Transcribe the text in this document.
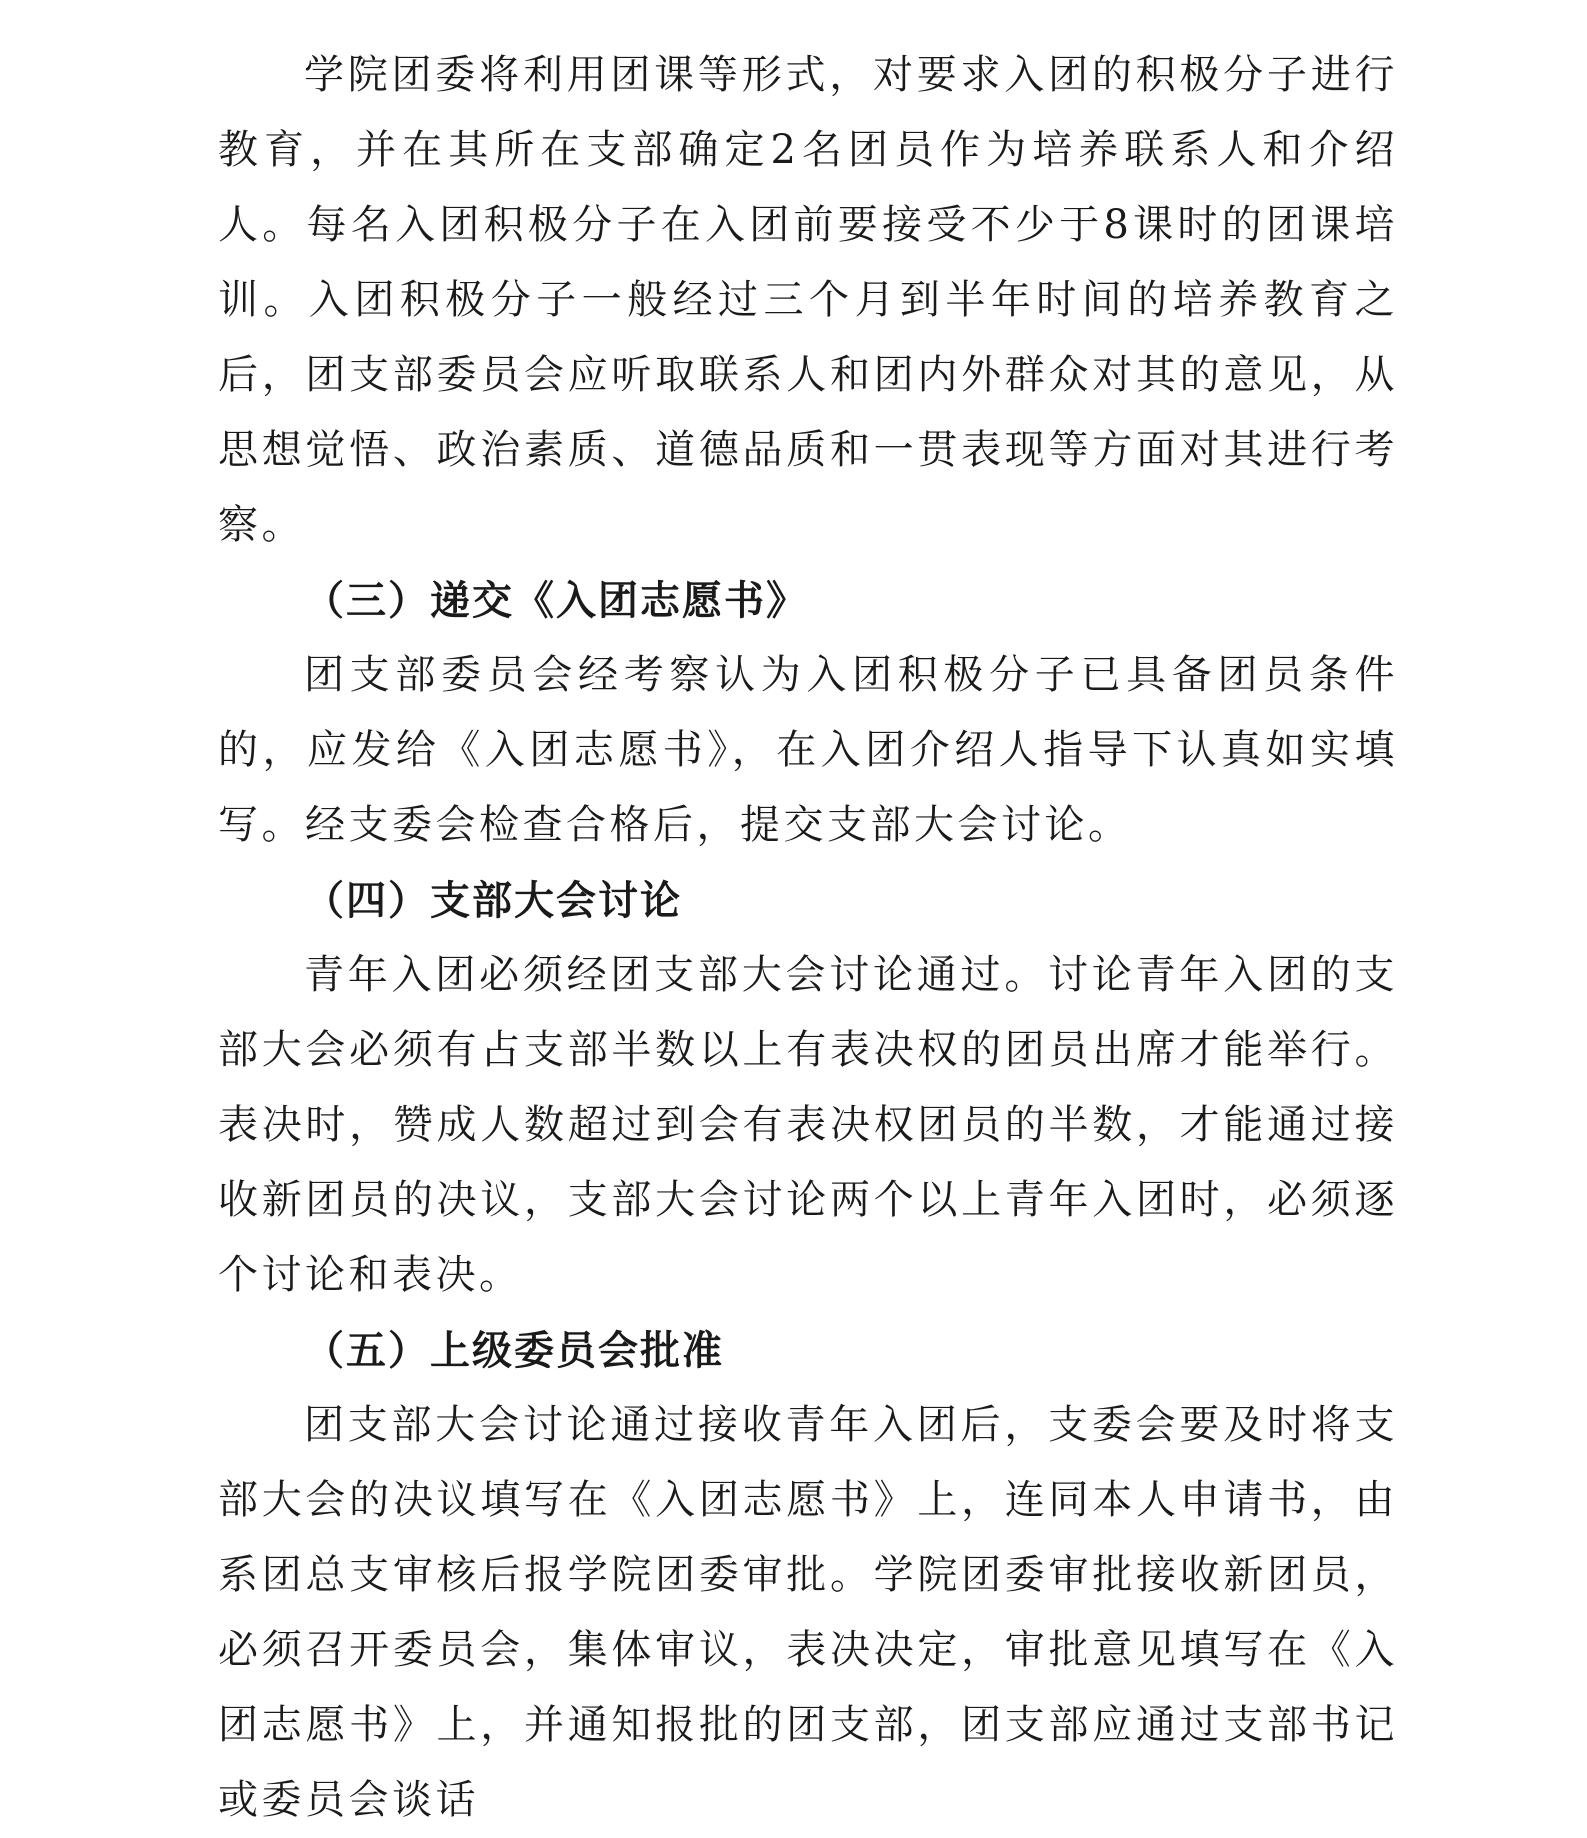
学院团委将利用团课等形式，对要求入团的积极分子进行教育，并在其所在支部确定2名团员作为培养联系人和介绍人。每名入团积极分子在入团前要接受不少于8课时的团课培训。入团积极分子一般经过三个月到半年时间的培养教育之后，团支部委员会应听取联系人和团内外群众对其的意见，从思想觉悟、政治素质、道德品质和一贯表现等方面对其进行考察。

（三）递交《入团志愿书》

团支部委员会经考察认为入团积极分子已具备团员条件的，应发给《入团志愿书》，在入团介绍人指导下认真如实填写。经支委会检查合格后，提交支部大会讨论。

（四）支部大会讨论

青年入团必须经团支部大会讨论通过。讨论青年入团的支部大会必须有占支部半数以上有表决权的团员出席才能举行。表决时，赞成人数超过到会有表决权团员的半数，才能通过接收新团员的决议，支部大会讨论两个以上青年入团时，必须逐个讨论和表决。

（五）上级委员会批准

团支部大会讨论通过接收青年入团后，支委会要及时将支部大会的决议填写在《入团志愿书》上，连同本人申请书，由系团总支审核后报学院团委审批。学院团委审批接收新团员，必须召开委员会，集体审议，表决决定，审批意见填写在《入团志愿书》上，并通知报批的团支部，团支部应通过支部书记或委员会谈话
